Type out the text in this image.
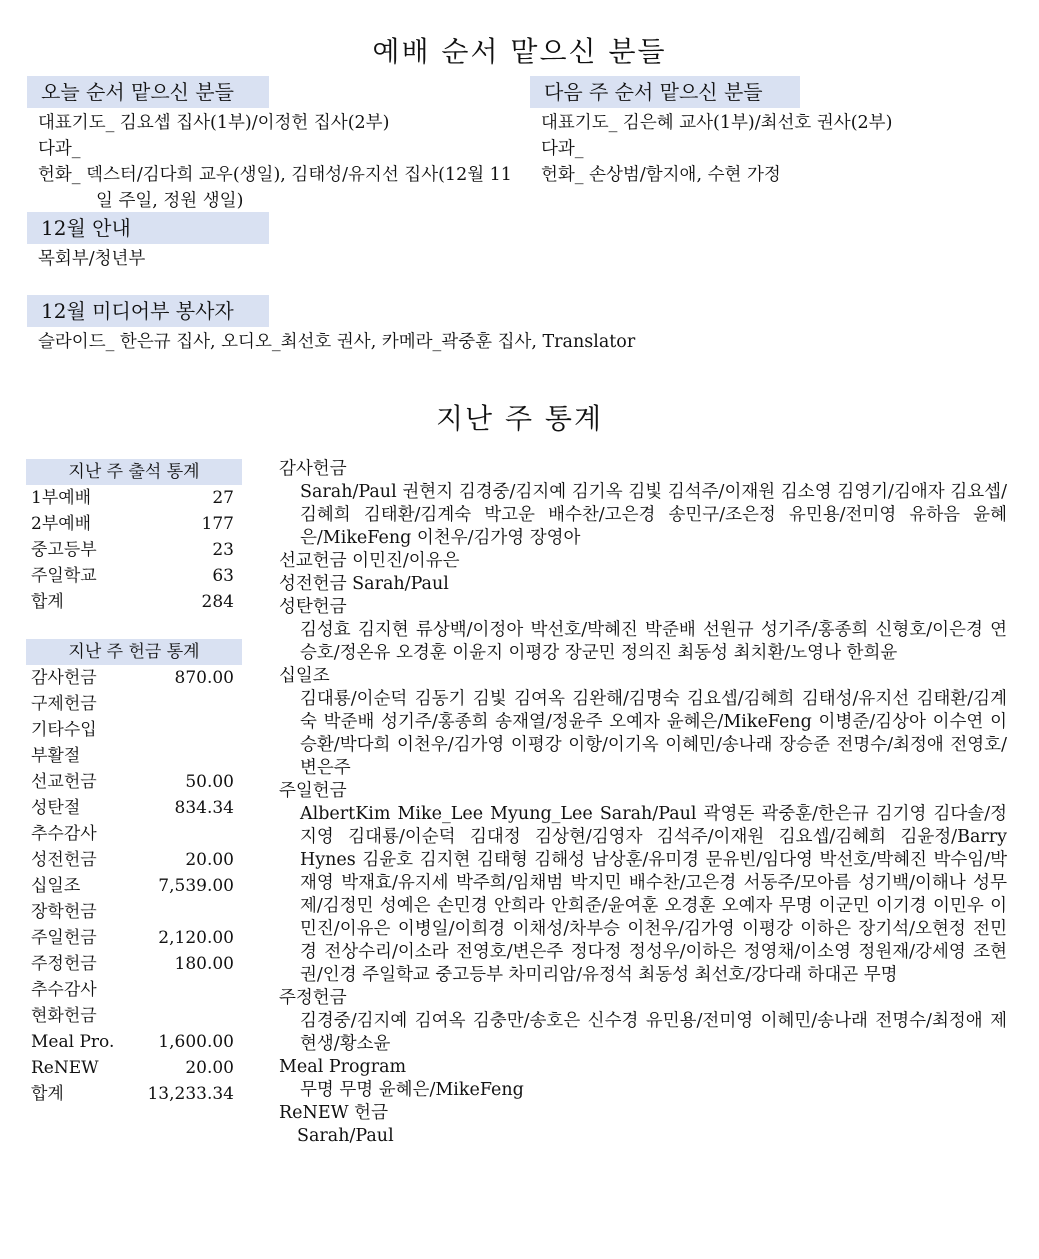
예배 순서 맡으신 분들
오늘 순서 맡으신 분들
대표기도_ 김요셉 집사(1부)/이정헌 집사(2부)
다과_
헌화_ 덱스터/김다희 교우(생일), 김태성/유지선 집사(12월 11일 주일, 정원 생일)
다음 주 순서 맡으신 분들
대표기도_ 김은혜 교사(1부)/최선호 권사(2부)
다과_
헌화_ 손상범/함지애, 수현 가정
12월 안내
목회부/청년부
12월 미디어부 봉사자
슬라이드_ 한은규 집사, 오디오_최선호 권사, 카메라_곽중훈 집사, Translator
지난 주 통계
지난 주 출석 통계
1부예배	27
2부예배	177
중고등부	23
주일학교	63
합계	284
지난 주 헌금 통계
감사헌금	870.00
구제헌금
기타수입
부활절
선교헌금	50.00
성탄절	834.34
추수감사
성전헌금	20.00
십일조	7,539.00
장학헌금
주일헌금	2,120.00
주정헌금	180.00
추수감사
현화헌금
Meal Pro.	1,600.00
ReNEW	20.00
합계	13,233.34
감사헌금
Sarah/Paul 권현지 김경중/김지예 김기옥 김빛 김석주/이재원 김소영 김영기/김애자 김요셉/김혜희 김태환/김계숙 박고운 배수찬/고은경 송민구/조은정 유민용/전미영 유하음 윤혜은/MikeFeng 이천우/김가영 장영아
선교헌금 이민진/이유은
성전헌금 Sarah/Paul
성탄헌금
김성효 김지현 류상백/이정아 박선호/박혜진 박준배 선원규 성기주/홍종희 신형호/이은경 연승호/정온유 오경훈 이윤지 이평강 장군민 정의진 최동성 최치환/노영나 한희윤
십일조
김대룡/이순덕 김동기 김빛 김여옥 김완해/김명숙 김요셉/김혜희 김태성/유지선 김태환/김계숙 박준배 성기주/홍종희 송재열/정윤주 오예자 윤혜은/MikeFeng 이병준/김상아 이수연 이승환/박다희 이천우/김가영 이평강 이항/이기옥 이혜민/송나래 장승준 전명수/최정애 전영호/변은주
주일헌금
AlbertKim Mike_Lee Myung_Lee Sarah/Paul 곽영돈 곽중훈/한은규 김기영 김다솔/정지영 김대룡/이순덕 김대정 김상현/김영자 김석주/이재원 김요셉/김혜희 김윤정/Barry Hynes 김윤호 김지현 김태형 김해성 남상훈/유미경 문유빈/임다영 박선호/박혜진 박수임/박재영 박재효/유지세 박주희/임채범 박지민 배수찬/고은경 서동주/모아름 성기백/이해나 성무제/김정민 성예은 손민경 안희라 안희준/윤여훈 오경훈 오예자 무명 이군민 이기경 이민우 이민진/이유은 이병일/이희경 이채성/차부승 이천우/김가영 이평강 이하은 장기석/오현정 전민경 전상수리/이소라 전영호/변은주 정다정 정성우/이하은 정영채/이소영 정원재/강세영 조현권/인경 주일학교 중고등부 차미리암/유정석 최동성 최선호/강다래 하대곤 무명
주정헌금
김경중/김지예 김여옥 김충만/송호은 신수경 유민용/전미영 이혜민/송나래 전명수/최정애 제현생/황소윤
Meal Program
무명 무명 윤혜은/MikeFeng
ReNEW 헌금
Sarah/Paul
